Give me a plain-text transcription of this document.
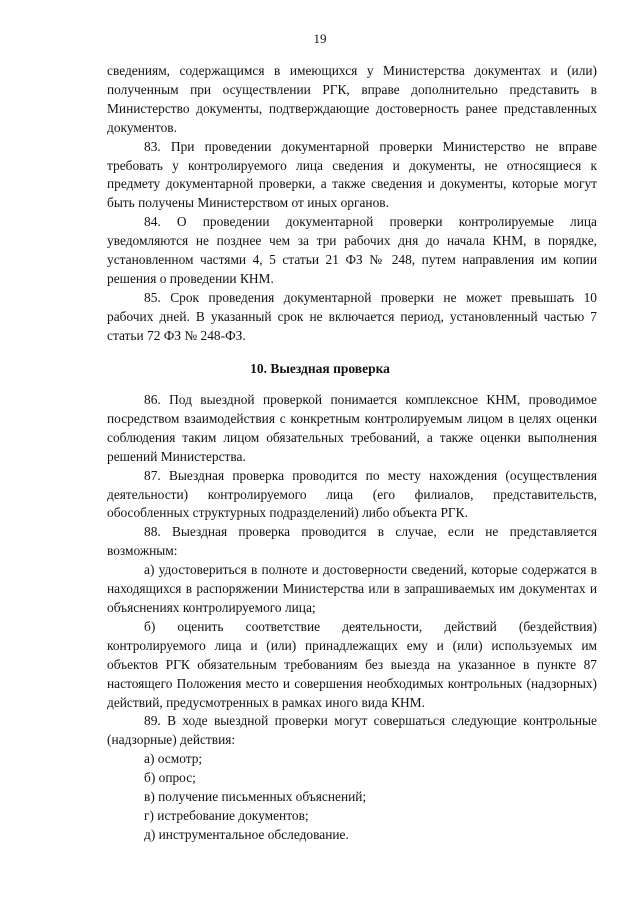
19

сведениям, содержащимся в имеющихся у Министерства документах и (или) полученным при осуществлении РГК, вправе дополнительно представить в Министерство документы, подтверждающие достоверность ранее представленных документов.

83. При проведении документарной проверки Министерство не вправе требовать у контролируемого лица сведения и документы, не относящиеся к предмету документарной проверки, а также сведения и документы, которые могут быть получены Министерством от иных органов.

84. О проведении документарной проверки контролируемые лица уведомляются не позднее чем за три рабочих дня до начала КНМ, в порядке, установленном частями 4, 5 статьи 21 ФЗ № 248, путем направления им копии решения о проведении КНМ.

85. Срок проведения документарной проверки не может превышать 10 рабочих дней. В указанный срок не включается период, установленный частью 7 статьи 72 ФЗ № 248-ФЗ.

10. Выездная проверка

86. Под выездной проверкой понимается комплексное КНМ, проводимое посредством взаимодействия с конкретным контролируемым лицом в целях оценки соблюдения таким лицом обязательных требований, а также оценки выполнения решений Министерства.

87. Выездная проверка проводится по месту нахождения (осуществления деятельности) контролируемого лица (его филиалов, представительств, обособленных структурных подразделений) либо объекта РГК.

88. Выездная проверка проводится в случае, если не представляется возможным:

а) удостовериться в полноте и достоверности сведений, которые содержатся в находящихся в распоряжении Министерства или в запрашиваемых им документах и объяснениях контролируемого лица;

б) оценить соответствие деятельности, действий (бездействия) контролируемого лица и (или) принадлежащих ему и (или) используемых им объектов РГК обязательным требованиям без выезда на указанное в пункте 87 настоящего Положения место и совершения необходимых контрольных (надзорных) действий, предусмотренных в рамках иного вида КНМ.

89. В ходе выездной проверки могут совершаться следующие контрольные (надзорные) действия:

а) осмотр;
б) опрос;
в) получение письменных объяснений;
г) истребование документов;
д) инструментальное обследование.
